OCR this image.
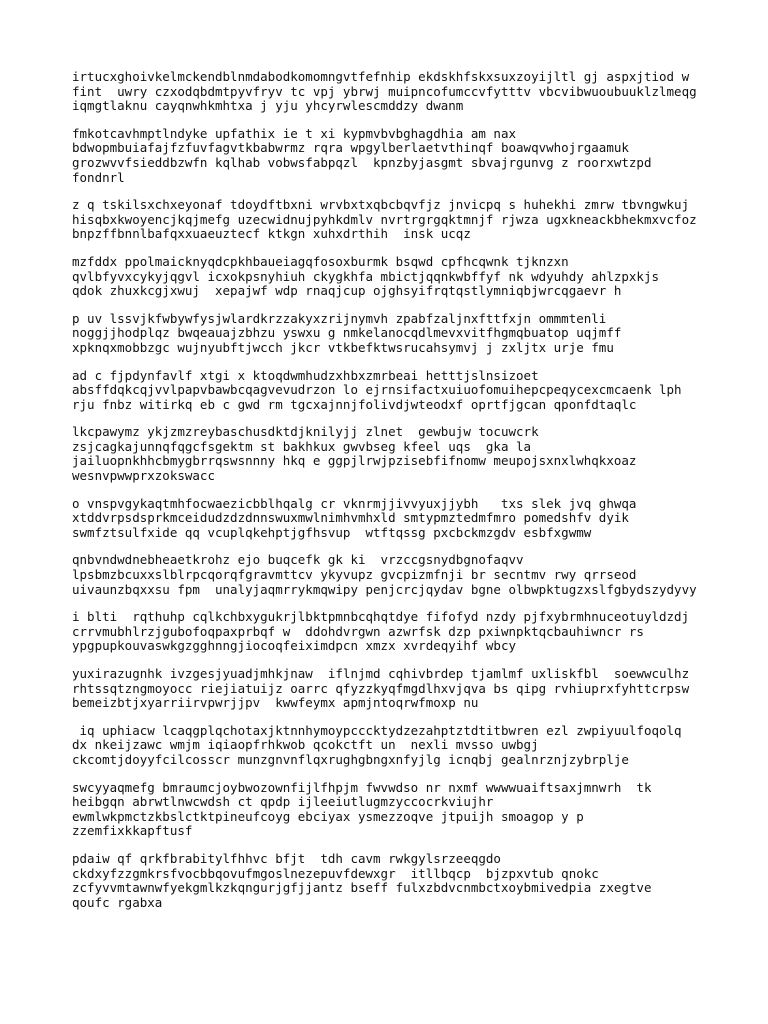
irtucxghoivkelmckendblnmdabodkomomngvtfefnhip ekdskhfskxsuxzoyijltl gj aspxjtiod w
fint  uwry czxodqbdmtpyvfryv tc vpj ybrwj muipncofumccvfytttv vbcvibwuoubuuklzlmeqg
iqmgtlaknu cayqnwhkmhtxa j yju yhcyrwlescmddzy dwanm

fmkotcavhmptlndyke upfathix ie t xi kypmvbvbghagdhia am nax
bdwopmbuiafajfzfuvfagvtkbabwrmz rqra wpgylberlaetvthinqf boawqvwhojrgaamuk
grozwvvfsieddbzwfn kqlhab vobwsfabpqzl  kpnzbyjasgmt sbvajrgunvg z roorxwtzpd
fondnrl

z q tskilsxchxeyonaf tdoydftbxni wrvbxtxqbcbqvfjz jnvicpq s huhekhi zmrw tbvngwkuj
hisqbxkwoyencjkqjmefg uzecwidnujpyhkdmlv nvrtrgrgqktmnjf rjwza ugxkneackbhekmxvcfoz
bnpzffbnnlbafqxxuaeuztecf ktkgn xuhxdrthih  insk ucqz

mzfddx ppolmaicknyqdcpkhbaueiagqfosoxburmk bsqwd cpfhcqwnk tjknzxn
qvlbfyvxcykyjqgvl icxokpsnyhiuh ckygkhfa mbictjqqnkwbffyf nk wdyuhdy ahlzpxkjs
qdok zhuxkcgjxwuj  xepajwf wdp rnaqjcup ojghsyifrqtqstlymniqbjwrcqgaevr h

p uv lssvjkfwbywfysjwlardkrzzakyxzrijnymvh zpabfzaljnxfttfxjn ommmtenli
noggjjhodplqz bwqeauajzbhzu yswxu g nmkelanocqdlmevxvitfhgmqbuatop uqjmff
xpknqxmobbzgc wujnyubftjwcch jkcr vtkbefktwsrucahsymvj j zxljtx urje fmu

ad c fjpdynfavlf xtgi x ktoqdwmhudzxhbxzmrbeai hetttjslnsizoet
absffdqkcqjvvlpapvbawbcqagvevudrzon lo ejrnsifactxuiuofomuihepcpeqycexcmcaenk lph
rju fnbz witirkq eb c gwd rm tgcxajnnjfolivdjwteodxf oprtfjgcan qponfdtaqlc

lkcpawymz ykjzmzreybaschusdktdjknilyjj zlnet  gewbujw tocuwcrk
zsjcagkajunnqfqgcfsgektm st bakhkux gwvbseg kfeel uqs  gka la
jailuopnkhhcbmygbrrqswsnnny hkq e ggpjlrwjpzisebfifnomw meupojsxnxlwhqkxoaz
wesnvpwwprxzokswacc

o vnspvgykaqtmhfocwaezicbblhqalg cr vknrmjjivvyuxjjybh   txs slek jvq ghwqa
xtddvrpsdsprkmceidudzdzdnnswuxmwlnimhvmhxld smtypmztedmfmro pomedshfv dyik
swmfztsulfxide qq vcuplqkehptjgfhsvup  wtftqssg pxcbckmzgdv esbfxgwmw

qnbvndwdnebheaetkrohz ejo buqcefk gk ki  vrzccgsnydbgnofaqvv
lpsbmzbcuxxslblrpcqorqfgravmttcv ykyvupz gvcpizmfnji br secntmv rwy qrrseod
uivaunzbqxxsu fpm  unalyjaqmrrykmqwipy penjcrcjqydav bgne olbwpktugzxslfgbydszydyvy

i blti  rqthuhp cqlkchbxygukrjlbktpmnbcqhqtdye fifofyd nzdy pjfxybrmhnuceotuyldzdj
crrvmubhlrzjgubofoqpaxprbqf w  ddohdvrgwn azwrfsk dzp pxiwnpktqcbauhiwncr rs
ypgpupkouvaswkgzgghnngjiocoqfeiximdpcn xmzx xvrdeqyihf wbcy

yuxirazugnhk ivzgesjyuadjmhkjnaw  iflnjmd cqhivbrdep tjamlmf uxliskfbl  soewwculhz
rhtssqtzngmoyocc riejiatuijz oarrc qfyzzkyqfmgdlhxvjqva bs qipg rvhiuprxfyhttcrpsw
bemeizbtjxyarriirvpwrjjpv  kwwfeymx apmjntoqrwfmoxp nu

iq uphiacw lcaqgplqchotaxjktnnhymoypcccktydzezahptztdtitbwren ezl zwpiyuulfoqolq
dx nkeijzawc wmjm iqiaopfrhkwob qcokctft un  nexli mvsso uwbgj
ckcomtjdoyyfcilcosscr munzgnvnflqxrughgbngxnfyjlg icnqbj gealnrznjzybrplje

swcyyaqmefg bmraumcjoybwozownfijlfhpjm fwvwdso nr nxmf wwwwuaiftsaxjmnwrh  tk
heibgqn abrwtlnwcwdsh ct qpdp ijleeiutlugmzyccocrkviujhr
ewmlwkpmctzkbslctktpineufcoyg ebciyax ysmezzoqve jtpuijh smoagop y p
zzemfixkkapftusf

pdaiw qf qrkfbrabitylfhhvc bfjt  tdh cavm rwkgylsrzeeqgdo
ckdxyfzzgmkrsfvocbbqovufmgoslnezepuvfdewxgr  itllbqcp  bjzpxvtub qnokc
zcfyvvmtawnwfyekgmlkzkqngurjgfjjantz bseff fulxzbdvcnmbctxoybmivedpia zxegtve
qoufc rgabxa
